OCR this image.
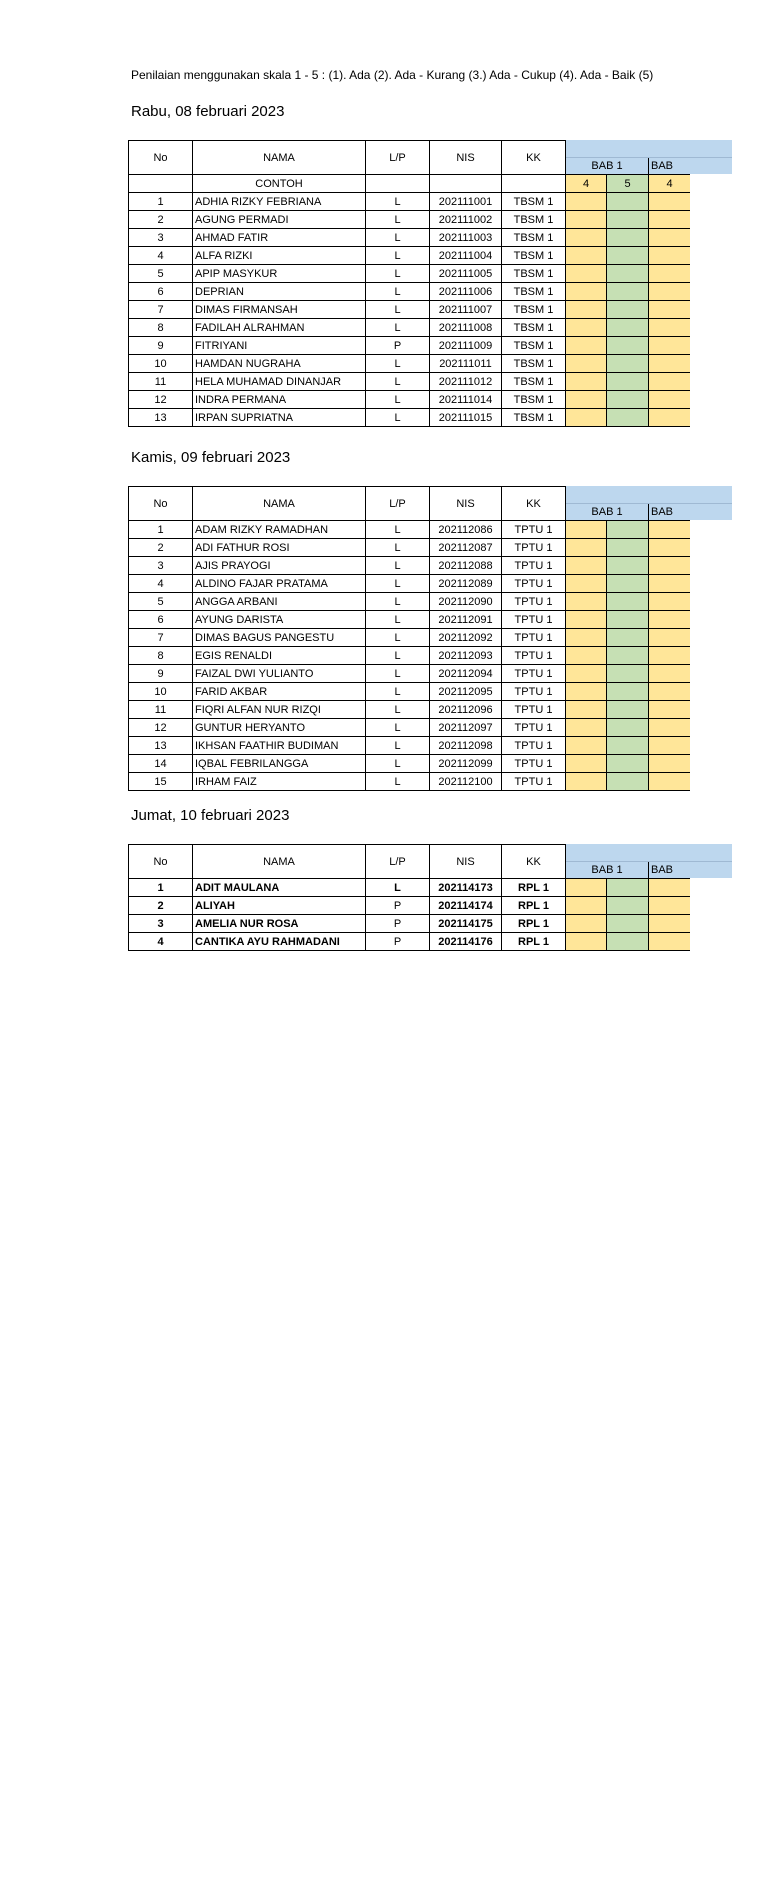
Penilaian menggunakan skala 1 - 5 : (1). Ada (2). Ada - Kurang (3.) Ada - Cukup (4). Ada - Baik (5)
Rabu, 08 februari 2023
No	NAMA	L/P	NIS	KK				
					BAB 1		BAB	
	CONTOH				4	5	4	
1	ADHIA RIZKY FEBRIANA	L	202111001	TBSM 1				
2	AGUNG PERMADI	L	202111002	TBSM 1				
3	AHMAD FATIR	L	202111003	TBSM 1				
4	ALFA RIZKI	L	202111004	TBSM 1				
5	APIP MASYKUR	L	202111005	TBSM 1				
6	DEPRIAN	L	202111006	TBSM 1				
7	DIMAS FIRMANSAH	L	202111007	TBSM 1				
8	FADILAH ALRAHMAN	L	202111008	TBSM 1				
9	FITRIYANI	P	202111009	TBSM 1				
10	HAMDAN NUGRAHA	L	202111011	TBSM 1				
11	HELA MUHAMAD DINANJAR	L	202111012	TBSM 1				
12	INDRA PERMANA	L	202111014	TBSM 1				
13	IRPAN SUPRIATNA	L	202111015	TBSM 1				
Kamis, 09 februari 2023
No	NAMA	L/P	NIS	KK				
					BAB 1		BAB	
1	ADAM RIZKY RAMADHAN	L	202112086	TPTU 1				
2	ADI FATHUR ROSI	L	202112087	TPTU 1				
3	AJIS PRAYOGI	L	202112088	TPTU 1				
4	ALDINO FAJAR PRATAMA	L	202112089	TPTU 1				
5	ANGGA ARBANI	L	202112090	TPTU 1				
6	AYUNG DARISTA	L	202112091	TPTU 1				
7	DIMAS BAGUS PANGESTU	L	202112092	TPTU 1				
8	EGIS RENALDI	L	202112093	TPTU 1				
9	FAIZAL DWI YULIANTO	L	202112094	TPTU 1				
10	FARID AKBAR	L	202112095	TPTU 1				
11	FIQRI ALFAN NUR RIZQI	L	202112096	TPTU 1				
12	GUNTUR HERYANTO	L	202112097	TPTU 1				
13	IKHSAN FAATHIR BUDIMAN	L	202112098	TPTU 1				
14	IQBAL FEBRILANGGA	L	202112099	TPTU 1				
15	IRHAM FAIZ	L	202112100	TPTU 1				
Jumat, 10 februari 2023
No	NAMA	L/P	NIS	KK				
					BAB 1		BAB	
1	ADIT MAULANA	L	202114173	RPL 1				
2	ALIYAH	P	202114174	RPL 1				
3	AMELIA NUR ROSA	P	202114175	RPL 1				
4	CANTIKA AYU RAHMADANI	P	202114176	RPL 1				
